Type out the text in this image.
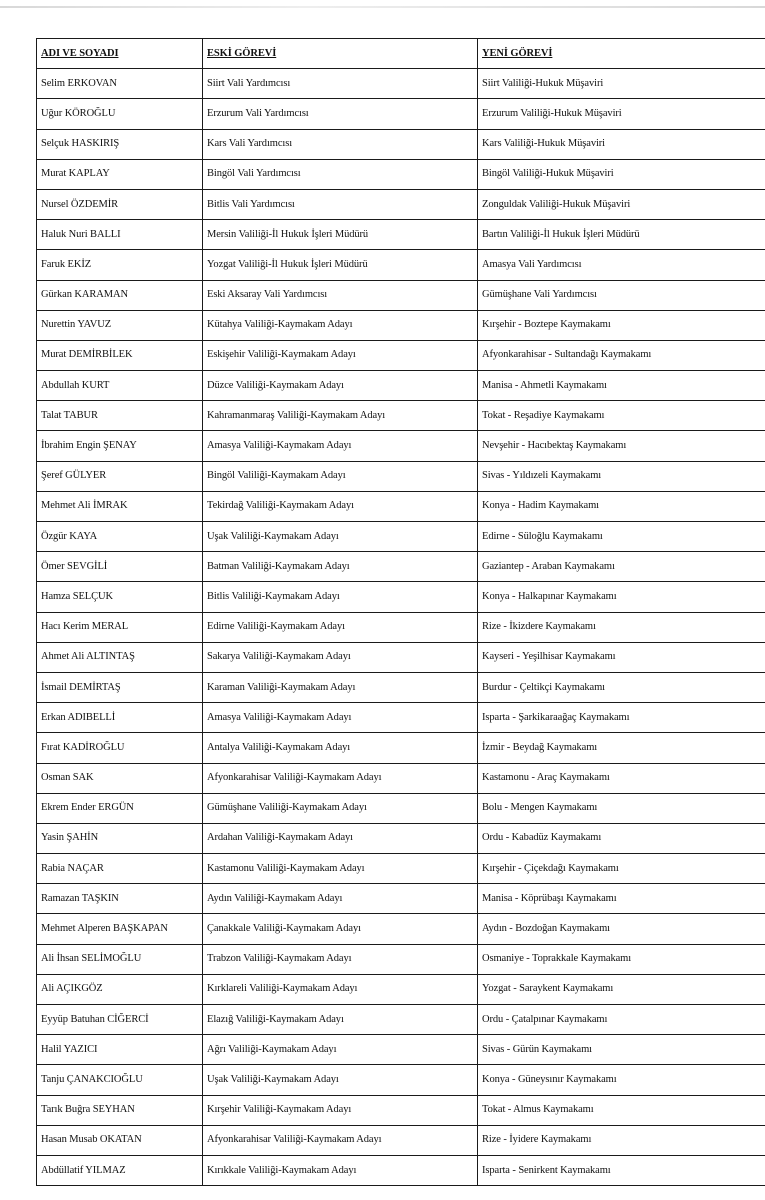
ADI VE SOYADI	ESKİ GÖREVİ	YENİ GÖREVİ
Selim ERKOVAN	Siirt Vali Yardımcısı	Siirt Valiliği-Hukuk Müşaviri
Uğur KÖROĞLU	Erzurum Vali Yardımcısı	Erzurum Valiliği-Hukuk Müşaviri
Selçuk HASKIRIŞ	Kars Vali Yardımcısı	Kars Valiliği-Hukuk Müşaviri
Murat KAPLAY	Bingöl Vali Yardımcısı	Bingöl Valiliği-Hukuk Müşaviri
Nursel ÖZDEMİR	Bitlis Vali Yardımcısı	Zonguldak Valiliği-Hukuk Müşaviri
Haluk Nuri BALLI	Mersin Valiliği-İl Hukuk İşleri Müdürü	Bartın Valiliği-İl Hukuk İşleri Müdürü
Faruk EKİZ	Yozgat Valiliği-İl Hukuk İşleri Müdürü	Amasya Vali Yardımcısı
Gürkan KARAMAN	Eski Aksaray Vali Yardımcısı	Gümüşhane Vali Yardımcısı
Nurettin YAVUZ	Kütahya Valiliği-Kaymakam Adayı	Kırşehir - Boztepe Kaymakamı
Murat DEMİRBİLEK	Eskişehir Valiliği-Kaymakam Adayı	Afyonkarahisar - Sultandağı Kaymakamı
Abdullah KURT	Düzce Valiliği-Kaymakam Adayı	Manisa - Ahmetli Kaymakamı
Talat TABUR	Kahramanmaraş Valiliği-Kaymakam Adayı	Tokat - Reşadiye Kaymakamı
İbrahim Engin ŞENAY	Amasya Valiliği-Kaymakam Adayı	Nevşehir - Hacıbektaş Kaymakamı
Şeref GÜLYER	Bingöl Valiliği-Kaymakam Adayı	Sivas - Yıldızeli Kaymakamı
Mehmet Ali İMRAK	Tekirdağ Valiliği-Kaymakam Adayı	Konya - Hadim Kaymakamı
Özgür KAYA	Uşak Valiliği-Kaymakam Adayı	Edirne - Süloğlu Kaymakamı
Ömer SEVGİLİ	Batman Valiliği-Kaymakam Adayı	Gaziantep - Araban Kaymakamı
Hamza SELÇUK	Bitlis Valiliği-Kaymakam Adayı	Konya - Halkapınar Kaymakamı
Hacı Kerim MERAL	Edirne Valiliği-Kaymakam Adayı	Rize - İkizdere Kaymakamı
Ahmet Ali ALTINTAŞ	Sakarya Valiliği-Kaymakam Adayı	Kayseri - Yeşilhisar Kaymakamı
İsmail DEMİRTAŞ	Karaman Valiliği-Kaymakam Adayı	Burdur - Çeltikçi Kaymakamı
Erkan ADIBELLİ	Amasya Valiliği-Kaymakam Adayı	Isparta - Şarkikaraağaç Kaymakamı
Fırat KADİROĞLU	Antalya Valiliği-Kaymakam Adayı	İzmir - Beydağ Kaymakamı
Osman SAK	Afyonkarahisar Valiliği-Kaymakam Adayı	Kastamonu - Araç Kaymakamı
Ekrem Ender ERGÜN	Gümüşhane Valiliği-Kaymakam Adayı	Bolu - Mengen Kaymakamı
Yasin ŞAHİN	Ardahan Valiliği-Kaymakam Adayı	Ordu - Kabadüz Kaymakamı
Rabia NAÇAR	Kastamonu Valiliği-Kaymakam Adayı	Kırşehir - Çiçekdağı Kaymakamı
Ramazan TAŞKIN	Aydın Valiliği-Kaymakam Adayı	Manisa - Köprübaşı Kaymakamı
Mehmet Alperen BAŞKAPAN	Çanakkale Valiliği-Kaymakam Adayı	Aydın - Bozdoğan Kaymakamı
Ali İhsan SELİMOĞLU	Trabzon Valiliği-Kaymakam Adayı	Osmaniye - Toprakkale Kaymakamı
Ali AÇIKGÖZ	Kırklareli Valiliği-Kaymakam Adayı	Yozgat - Saraykent Kaymakamı
Eyyüp Batuhan CİĞERCİ	Elazığ Valiliği-Kaymakam Adayı	Ordu - Çatalpınar Kaymakamı
Halil YAZICI	Ağrı Valiliği-Kaymakam Adayı	Sivas - Gürün Kaymakamı
Tanju ÇANAKCIOĞLU	Uşak Valiliği-Kaymakam Adayı	Konya - Güneysınır Kaymakamı
Tarık Buğra SEYHAN	Kırşehir Valiliği-Kaymakam Adayı	Tokat - Almus Kaymakamı
Hasan Musab OKATAN	Afyonkarahisar Valiliği-Kaymakam Adayı	Rize - İyidere Kaymakamı
Abdüllatif YILMAZ	Kırıkkale Valiliği-Kaymakam Adayı	Isparta - Senirkent Kaymakamı
